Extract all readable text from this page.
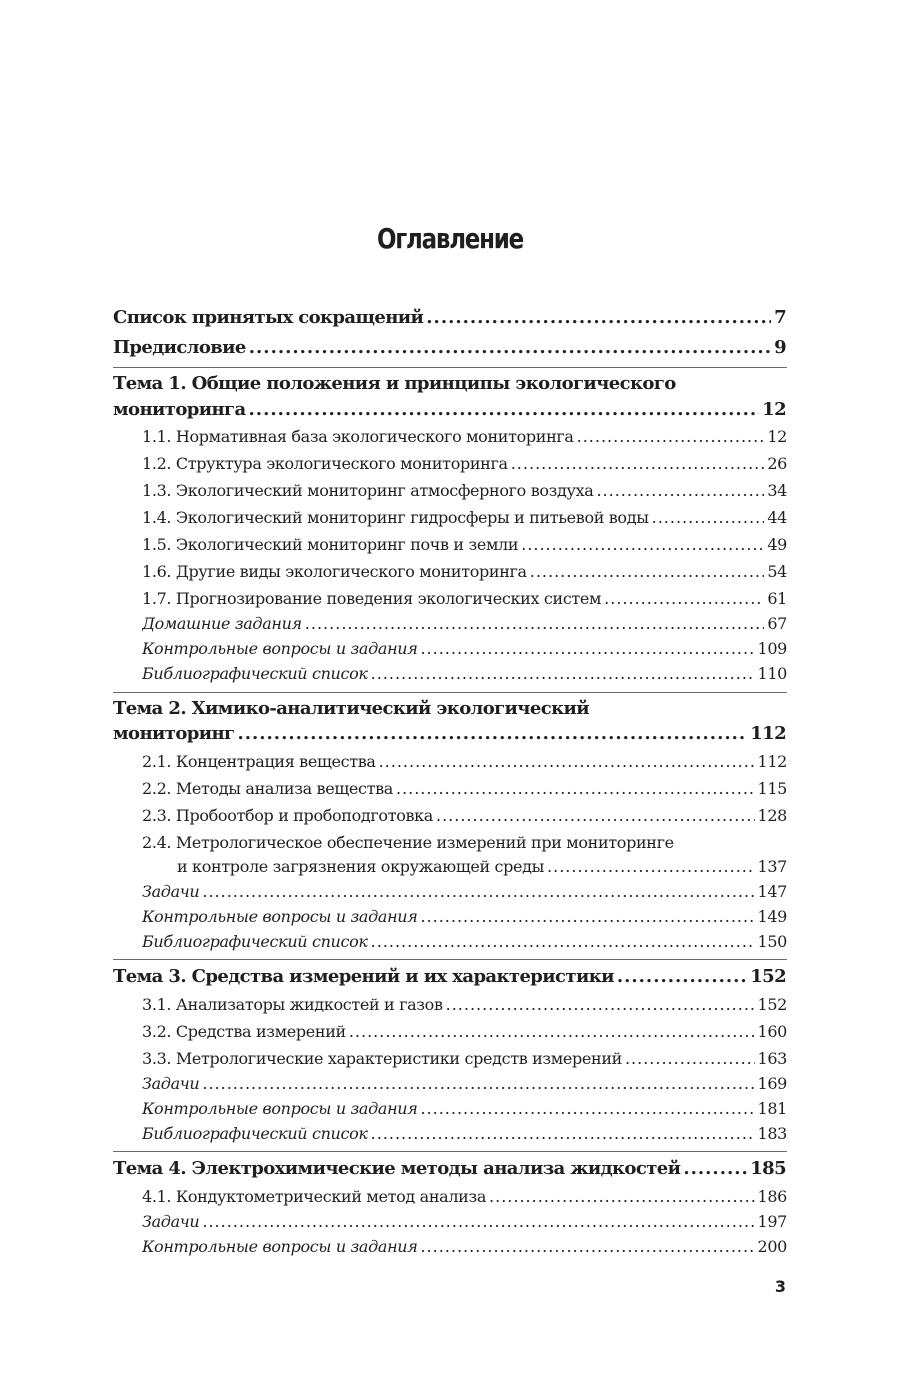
Оглавление
Список принятых сокращений .....	7
Предисловие .....	9
Тема 1. Общие положения и принципы экологического
мониторинга .....	12
1.1. Нормативная база экологического мониторинга .....	12
1.2. Структура экологического мониторинга .....	26
1.3. Экологический мониторинг атмосферного воздуха .....	34
1.4. Экологический мониторинг гидросферы и питьевой воды .....	44
1.5. Экологический мониторинг почв и земли .....	49
1.6. Другие виды экологического мониторинга .....	54
1.7. Прогнозирование поведения экологических систем .....	61
Домашние задания .....	67
Контрольные вопросы и задания .....	109
Библиографический список .....	110
Тема 2. Химико-аналитический экологический
мониторинг .....	112
2.1. Концентрация вещества .....	112
2.2. Методы анализа вещества .....	115
2.3. Пробоотбор и пробоподготовка .....	128
2.4. Метрологическое обеспечение измерений при мониторинге
и контроле загрязнения окружающей среды .....	137
Задачи .....	147
Контрольные вопросы и задания .....	149
Библиографический список .....	150
Тема 3. Средства измерений и их характеристики .....	152
3.1. Анализаторы жидкостей и газов .....	152
3.2. Средства измерений .....	160
3.3. Метрологические характеристики средств измерений .....	163
Задачи .....	169
Контрольные вопросы и задания .....	181
Библиографический список .....	183
Тема 4. Электрохимические методы анализа жидкостей .....	185
4.1. Кондуктометрический метод анализа .....	186
Задачи .....	197
Контрольные вопросы и задания .....	200
3
